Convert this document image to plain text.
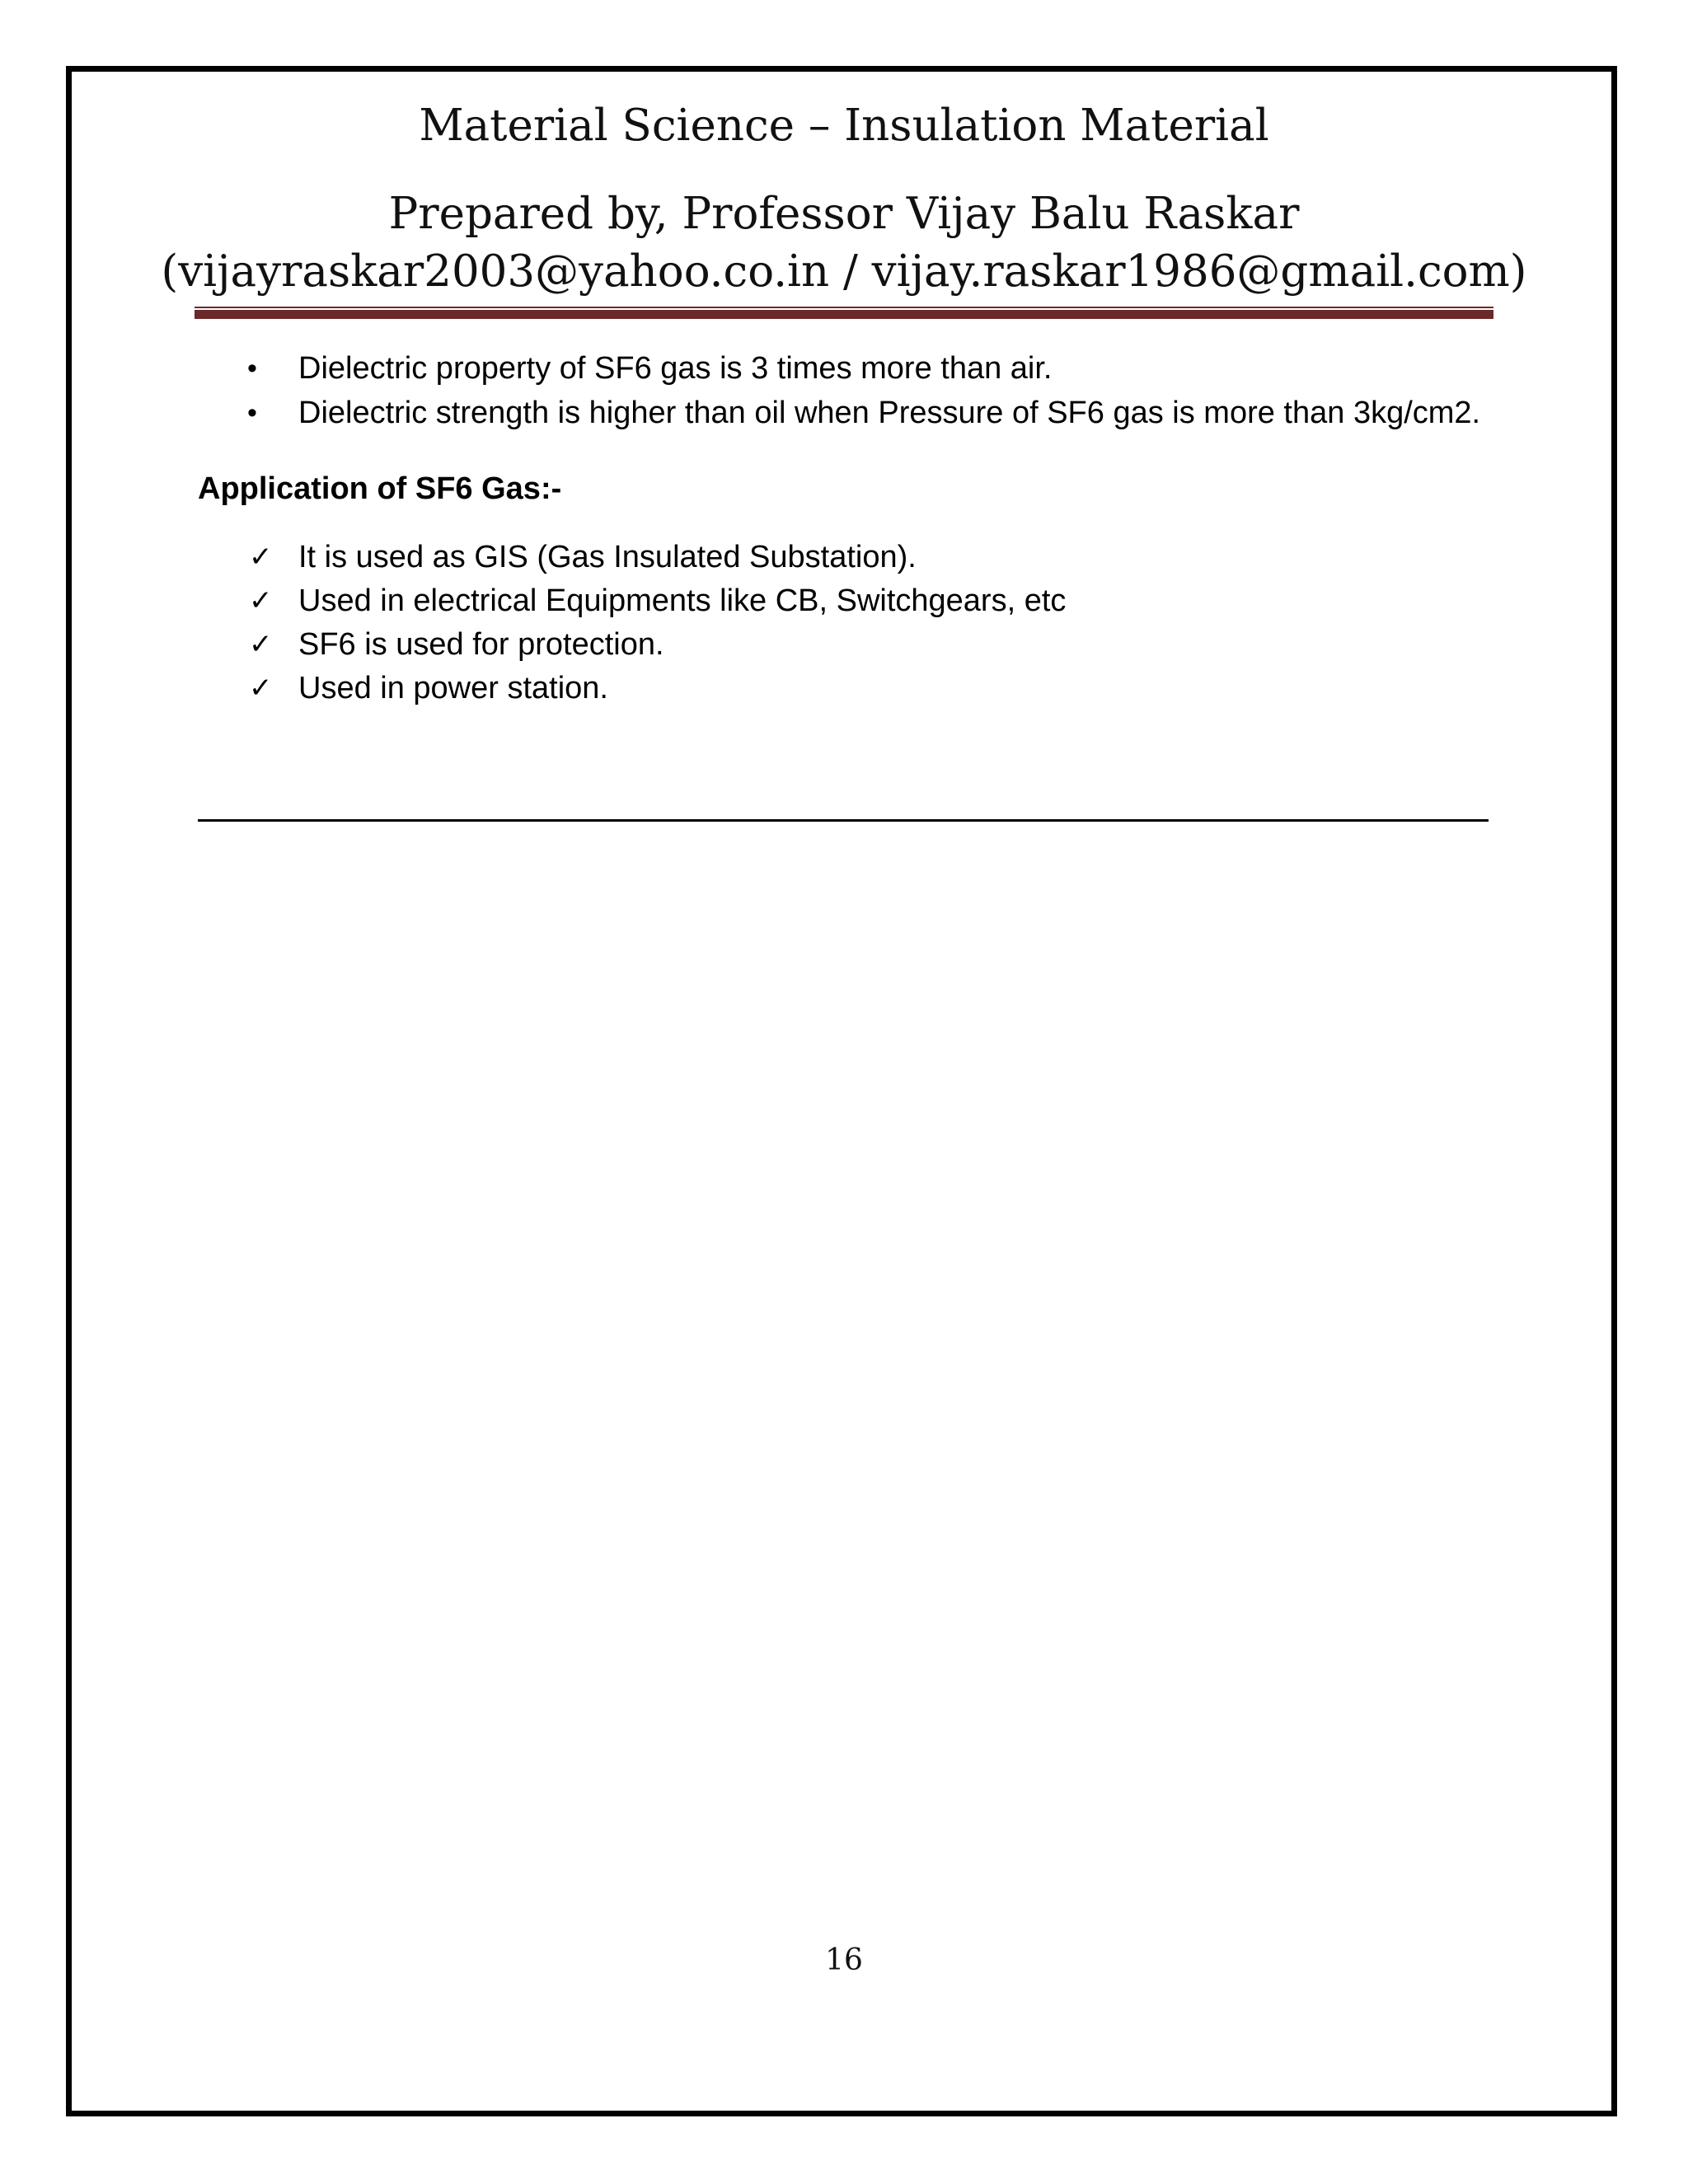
Material Science – Insulation Material
Prepared by, Professor Vijay Balu Raskar
(vijayraskar2003@yahoo.co.in / vijay.raskar1986@gmail.com)
• Dielectric property of SF6 gas is 3 times more than air.
• Dielectric strength is higher than oil when Pressure of SF6 gas is more than 3kg/cm2.
Application of SF6 Gas:-
✓ It is used as GIS (Gas Insulated Substation).
✓ Used in electrical Equipments like CB, Switchgears, etc
✓ SF6 is used for protection.
✓ Used in power station.
16
